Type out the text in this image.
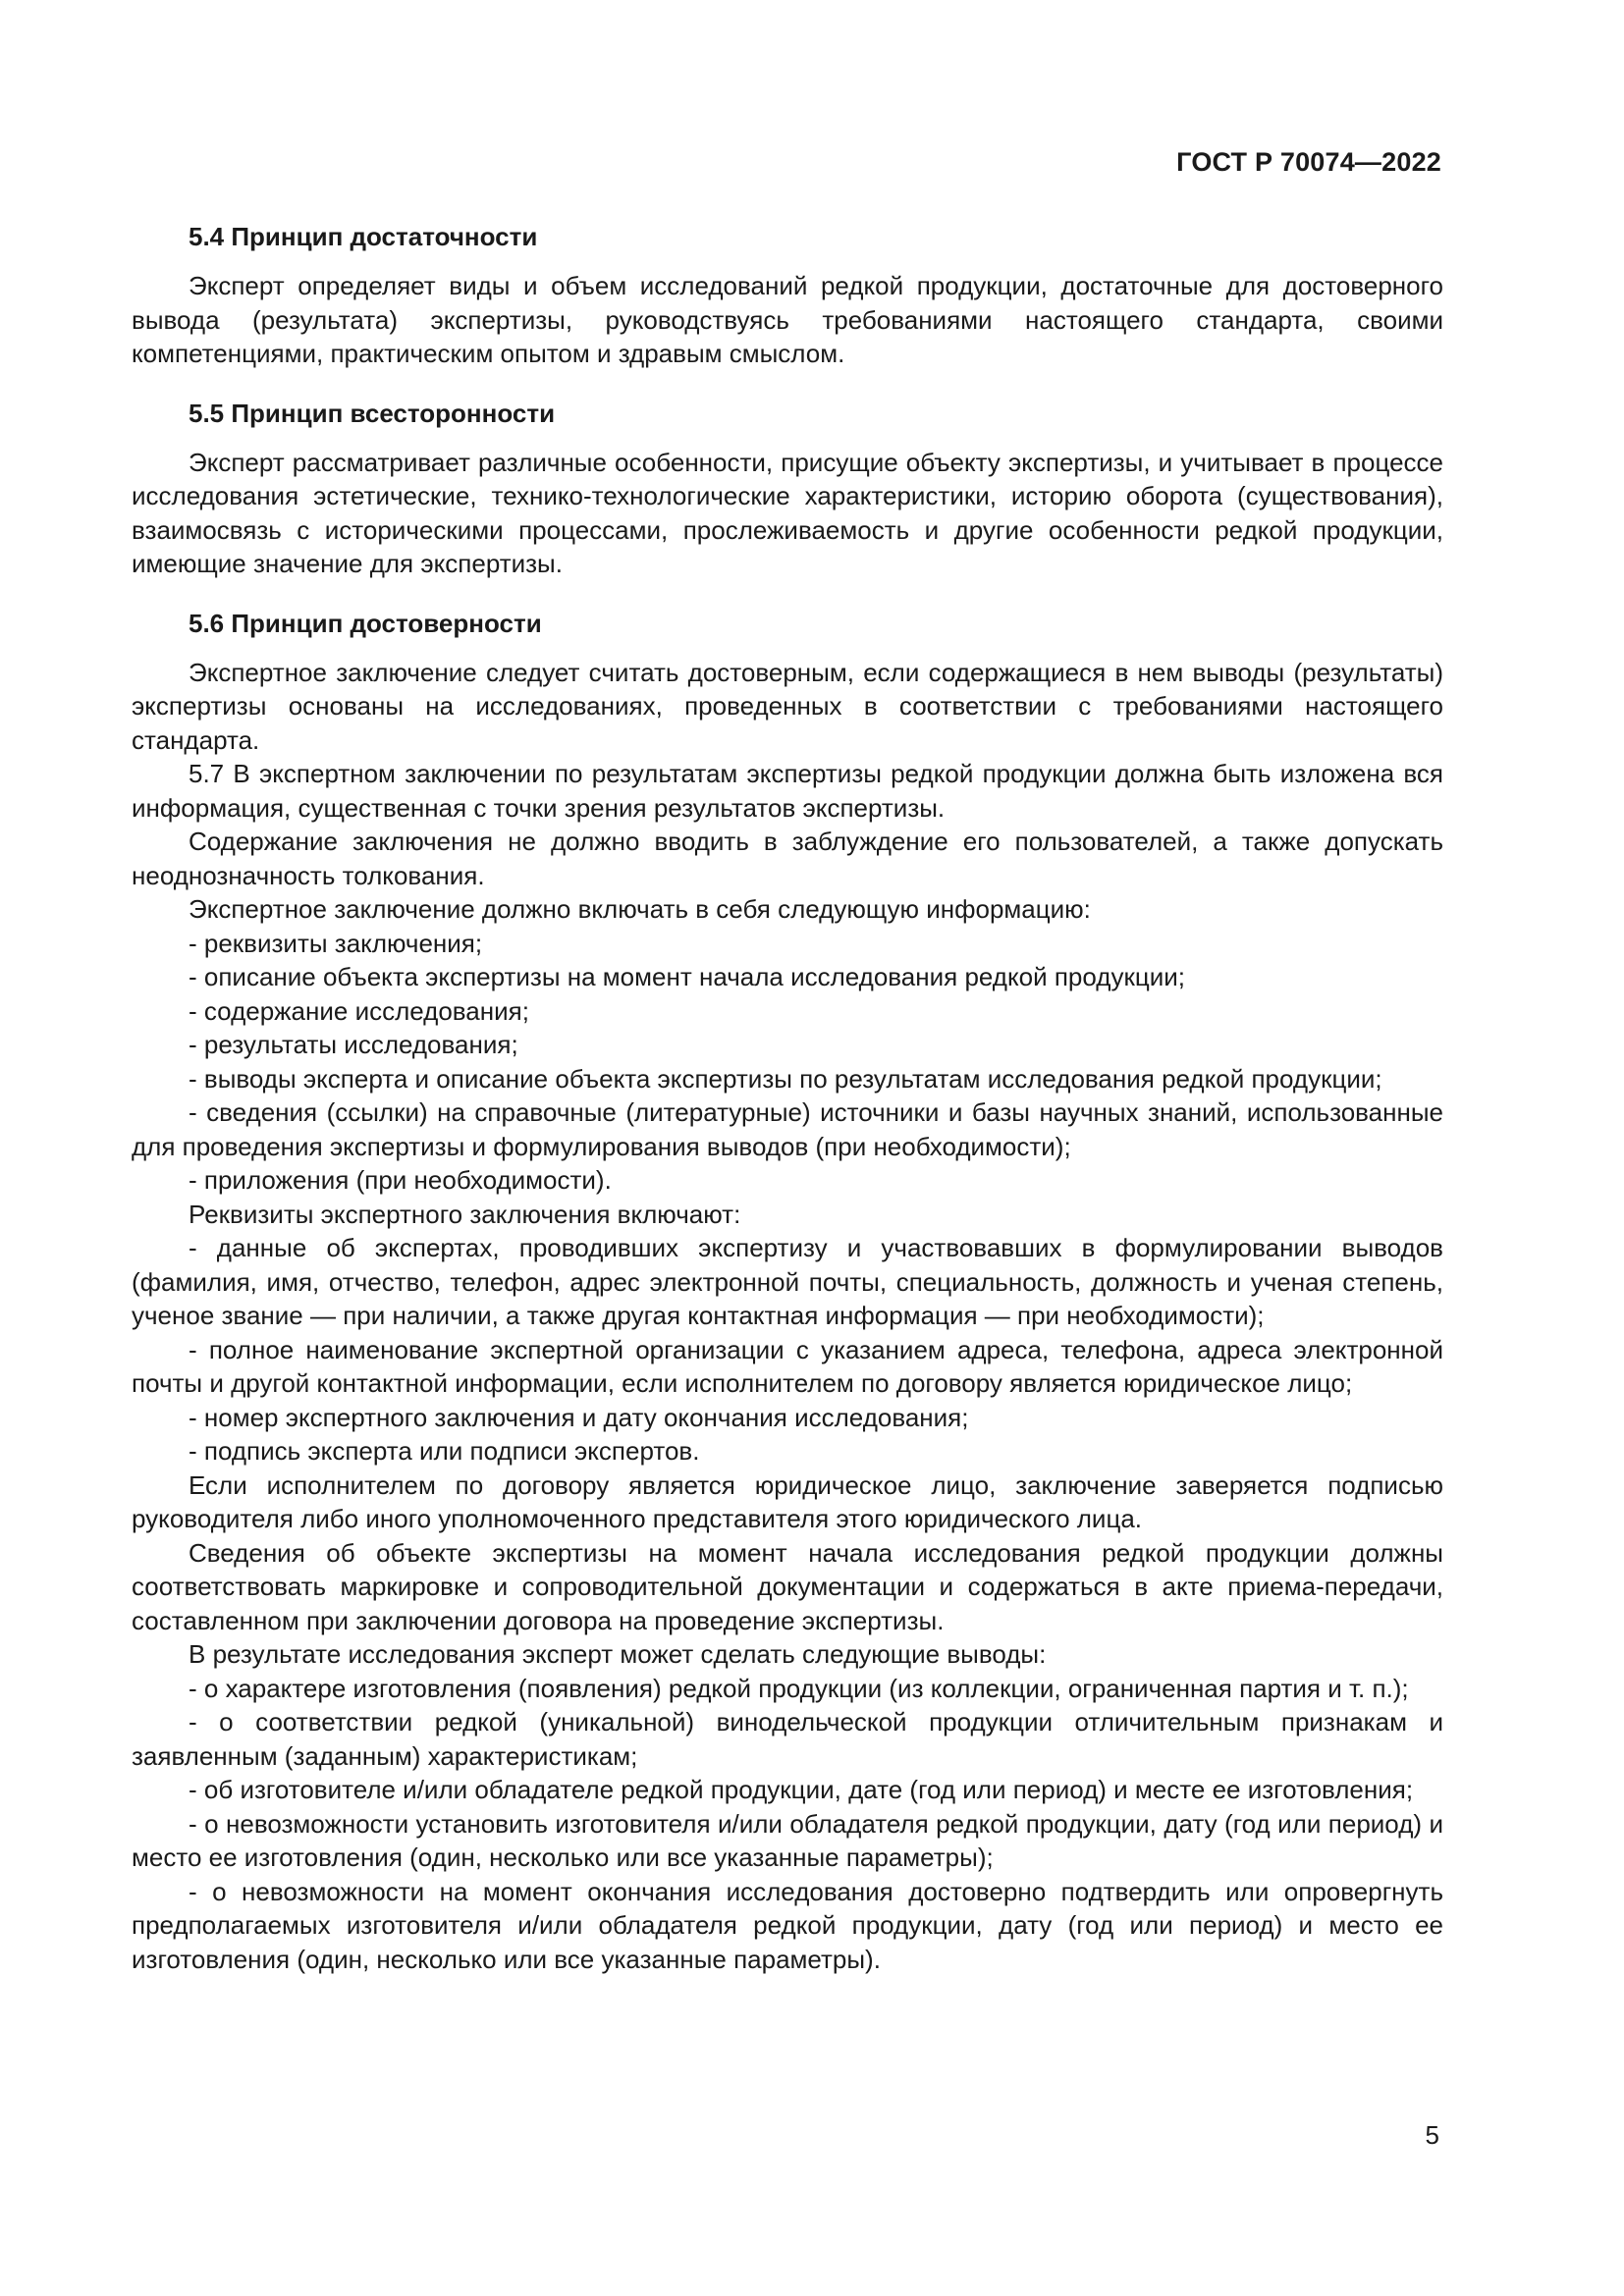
ГОСТ Р 70074—2022
5.4 Принцип достаточности

Эксперт определяет виды и объем исследований редкой продукции, достаточные для достоверного вывода (результата) экспертизы, руководствуясь требованиями настоящего стандарта, своими компетенциями, практическим опытом и здравым смыслом.

5.5 Принцип всесторонности

Эксперт рассматривает различные особенности, присущие объекту экспертизы, и учитывает в процессе исследования эстетические, технико-технологические характеристики, историю оборота (существования), взаимосвязь с историческими процессами, прослеживаемость и другие особенности редкой продукции, имеющие значение для экспертизы.

5.6 Принцип достоверности

Экспертное заключение следует считать достоверным, если содержащиеся в нем выводы (результаты) экспертизы основаны на исследованиях, проведенных в соответствии с требованиями настоящего стандарта.

5.7 В экспертном заключении по результатам экспертизы редкой продукции должна быть изложена вся информация, существенная с точки зрения результатов экспертизы.

Содержание заключения не должно вводить в заблуждение его пользователей, а также допускать неоднозначность толкования.

Экспертное заключение должно включать в себя следующую информацию:

- реквизиты заключения;

- описание объекта экспертизы на момент начала исследования редкой продукции;

- содержание исследования;

- результаты исследования;

- выводы эксперта и описание объекта экспертизы по результатам исследования редкой продукции;

- сведения (ссылки) на справочные (литературные) источники и базы научных знаний, использованные для проведения экспертизы и формулирования выводов (при необходимости);

- приложения (при необходимости).

Реквизиты экспертного заключения включают:

- данные об экспертах, проводивших экспертизу и участвовавших в формулировании выводов (фамилия, имя, отчество, телефон, адрес электронной почты, специальность, должность и ученая степень, ученое звание — при наличии, а также другая контактная информация — при необходимости);

- полное наименование экспертной организации с указанием адреса, телефона, адреса электронной почты и другой контактной информации, если исполнителем по договору является юридическое лицо;

- номер экспертного заключения и дату окончания исследования;

- подпись эксперта или подписи экспертов.

Если исполнителем по договору является юридическое лицо, заключение заверяется подписью руководителя либо иного уполномоченного представителя этого юридического лица.

Сведения об объекте экспертизы на момент начала исследования редкой продукции должны соответствовать маркировке и сопроводительной документации и содержаться в акте приема-передачи, составленном при заключении договора на проведение экспертизы.

В результате исследования эксперт может сделать следующие выводы:

- о характере изготовления (появления) редкой продукции (из коллекции, ограниченная партия и т. п.);

- о соответствии редкой (уникальной) винодельческой продукции отличительным признакам и заявленным (заданным) характеристикам;

- об изготовителе и/или обладателе редкой продукции, дате (год или период) и месте ее изготовления;

- о невозможности установить изготовителя и/или обладателя редкой продукции, дату (год или период) и место ее изготовления (один, несколько или все указанные параметры);

- о невозможности на момент окончания исследования достоверно подтвердить или опровергнуть предполагаемых изготовителя и/или обладателя редкой продукции, дату (год или период) и место ее изготовления (один, несколько или все указанные параметры).

5
